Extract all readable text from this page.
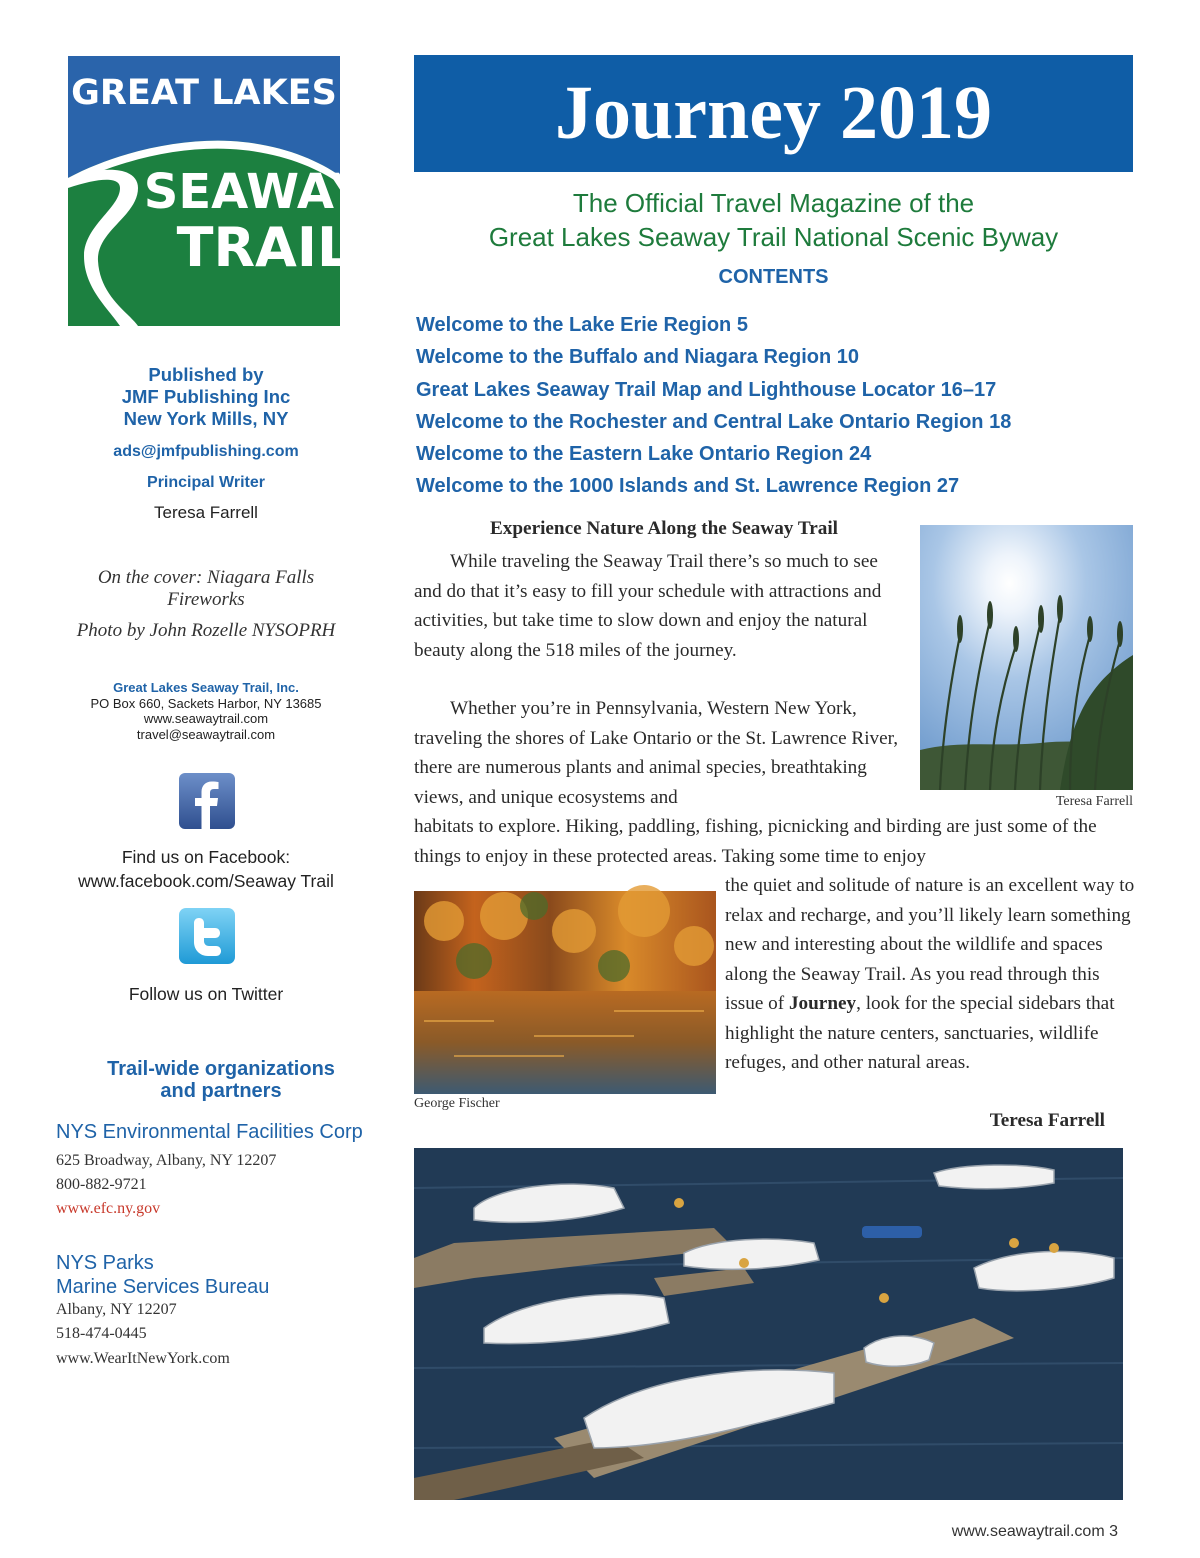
GREAT LAKES
SEAWAY
TRAIL
Published by
JMF Publishing Inc
New York Mills, NY
ads@jmfpublishing.com
Principal Writer
Teresa Farrell
On the cover: Niagara Falls
Fireworks
Photo by John Rozelle NYSOPRH
Great Lakes Seaway Trail, Inc.
PO Box 660, Sackets Harbor, NY 13685
www.seawaytrail.com
travel@seawaytrail.com
Find us on Facebook:
www.facebook.com/Seaway Trail
Follow us on Twitter
Trail-wide organizations
and partners
NYS Environmental Facilities Corp
625 Broadway, Albany, NY 12207
800-882-9721
www.efc.ny.gov
NYS Parks
Marine Services Bureau
Albany, NY 12207
518-474-0445
www.WearItNewYork.com
Journey 2019
The Official Travel Magazine of the
Great Lakes Seaway Trail National Scenic Byway
CONTENTS
Welcome to the Lake Erie Region 5
Welcome to the Buffalo and Niagara Region 10
Great Lakes Seaway Trail Map and Lighthouse Locator 16–17
Welcome to the Rochester and Central Lake Ontario Region 18
Welcome to the Eastern Lake Ontario Region 24
Welcome to the 1000 Islands and St. Lawrence Region 27
Experience Nature Along the Seaway Trail
While traveling the Seaway Trail there’s so much to see and do that it’s easy to fill your schedule with attractions and activities, but take time to slow down and enjoy the natural beauty along the 518 miles of the journey.
Whether you’re in Pennsylvania, Western New York, traveling the shores of Lake Ontario or the St. Lawrence River, there are numerous plants and animal species, breathtaking views, and unique ecosystems and
habitats to explore. Hiking, paddling, fishing, picnicking and birding are just some of the things to enjoy in these protected areas. Taking some time to enjoy
the quiet and solitude of nature is an excellent way to relax and recharge, and you’ll likely learn something new and interesting about the wildlife and spaces along the Seaway Trail. As you read through this issue of Journey, look for the special sidebars that highlight the nature centers, sanctuaries, wildlife refuges, and other natural areas.
Teresa Farrell
Teresa Farrell
George Fischer
www.seawaytrail.com 3
